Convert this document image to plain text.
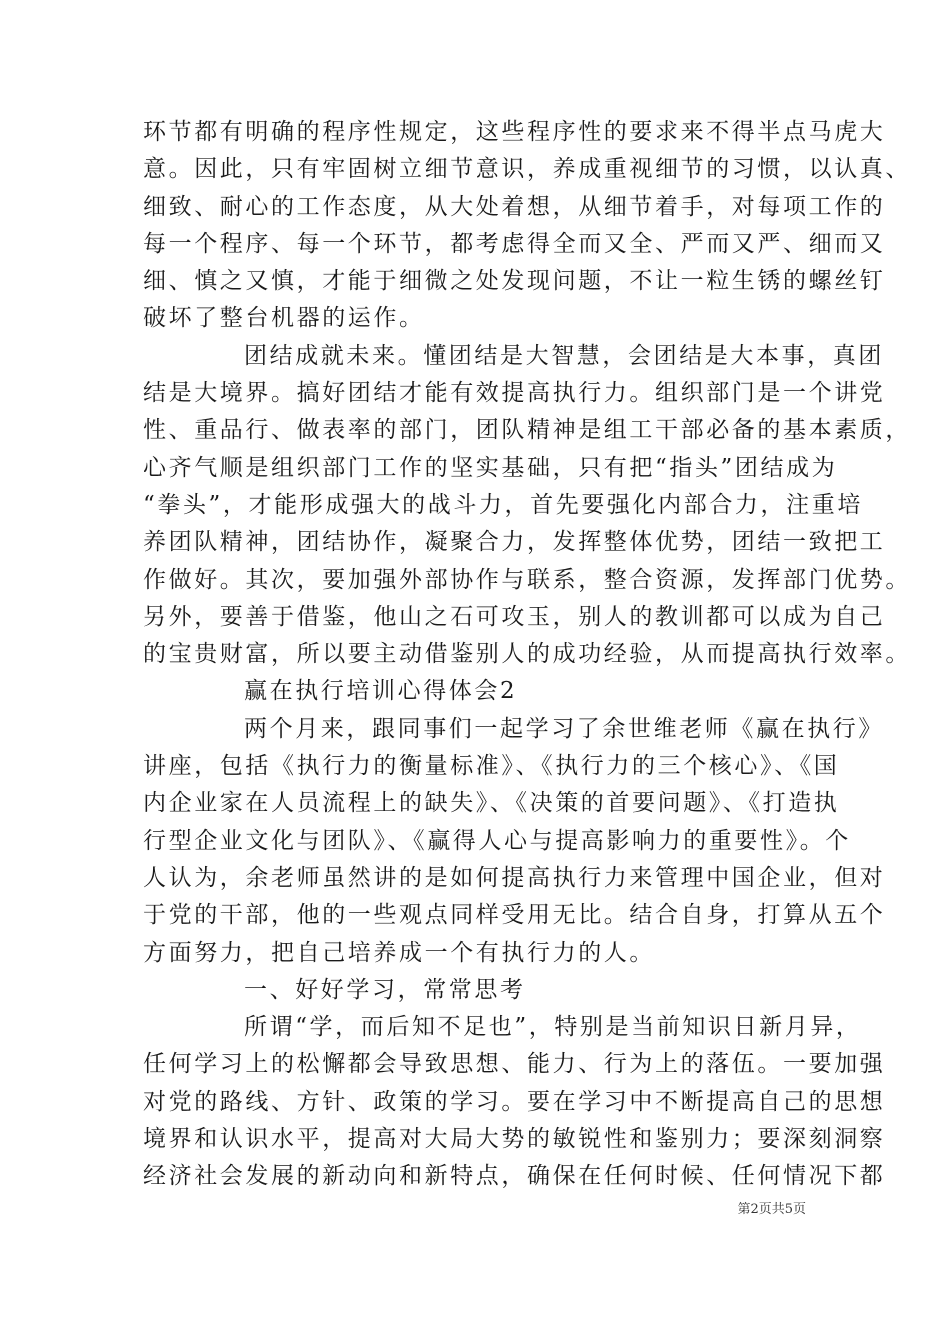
环节都有明确的程序性规定，这些程序性的要求来不得半点马虎大
意。因此，只有牢固树立细节意识，养成重视细节的习惯，以认真、
细致、耐心的工作态度，从大处着想，从细节着手，对每项工作的
每一个程序、每一个环节，都考虑得全而又全、严而又严、细而又
细、慎之又慎，才能于细微之处发现问题，不让一粒生锈的螺丝钉
破坏了整台机器的运作。
团结成就未来。懂团结是大智慧，会团结是大本事，真团
结是大境界。搞好团结才能有效提高执行力。组织部门是一个讲党
性、重品行、做表率的部门，团队精神是组工干部必备的基本素质，
心齐气顺是组织部门工作的坚实基础，只有把“指头”团结成为
“拳头”，才能形成强大的战斗力，首先要强化内部合力，注重培
养团队精神，团结协作，凝聚合力，发挥整体优势，团结一致把工
作做好。其次，要加强外部协作与联系，整合资源，发挥部门优势。
另外，要善于借鉴，他山之石可攻玉，别人的教训都可以成为自己
的宝贵财富，所以要主动借鉴别人的成功经验，从而提高执行效率。
赢在执行培训心得体会2
两个月来，跟同事们一起学习了余世维老师《赢在执行》
讲座，包括《执行力的衡量标准》、《执行力的三个核心》、《国
内企业家在人员流程上的缺失》、《决策的首要问题》、《打造执
行型企业文化与团队》、《赢得人心与提高影响力的重要性》。个
人认为，余老师虽然讲的是如何提高执行力来管理中国企业，但对
于党的干部，他的一些观点同样受用无比。结合自身，打算从五个
方面努力，把自己培养成一个有执行力的人。
一、好好学习，常常思考
所谓“学，而后知不足也”，特别是当前知识日新月异，
任何学习上的松懈都会导致思想、能力、行为上的落伍。一要加强
对党的路线、方针、政策的学习。要在学习中不断提高自己的思想
境界和认识水平，提高对大局大势的敏锐性和鉴别力；要深刻洞察
经济社会发展的新动向和新特点，确保在任何时候、任何情况下都
第2页共5页
